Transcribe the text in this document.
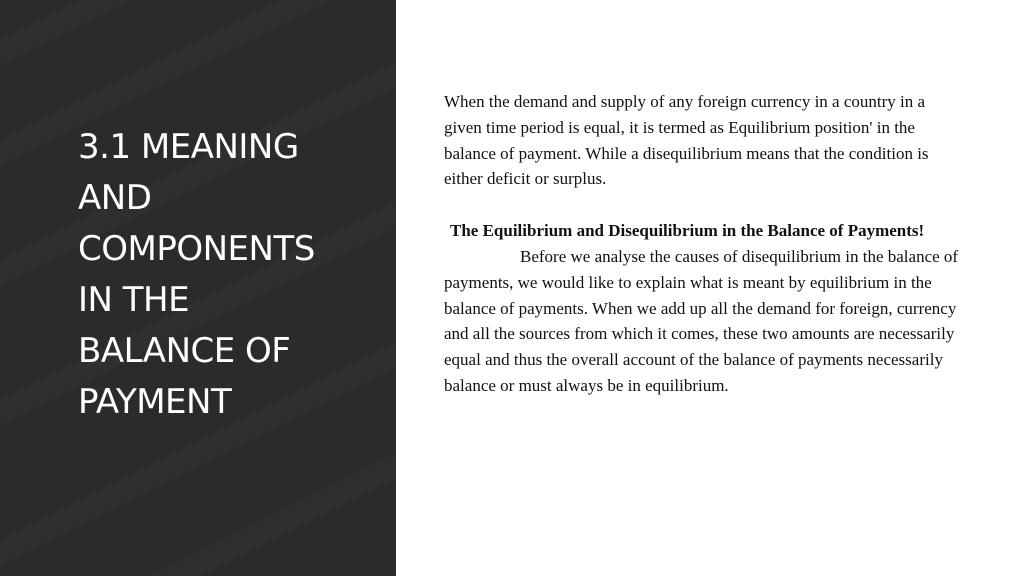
3.1 MEANING
AND
COMPONENTS
IN THE
BALANCE OF
PAYMENT

When the demand and supply of any foreign currency in a country in a given time period is equal, it is termed as Equilibrium position' in the balance of payment. While a disequilibrium means that the condition is either deficit or surplus.

The Equilibrium and Disequilibrium in the Balance of Payments!

Before we analyse the causes of disequilibrium in the balance of payments, we would like to explain what is meant by equilibrium in the balance of payments. When we add up all the demand for foreign, currency and all the sources from which it comes, these two amounts are necessarily equal and thus the overall account of the balance of payments necessarily balance or must always be in equilibrium.
